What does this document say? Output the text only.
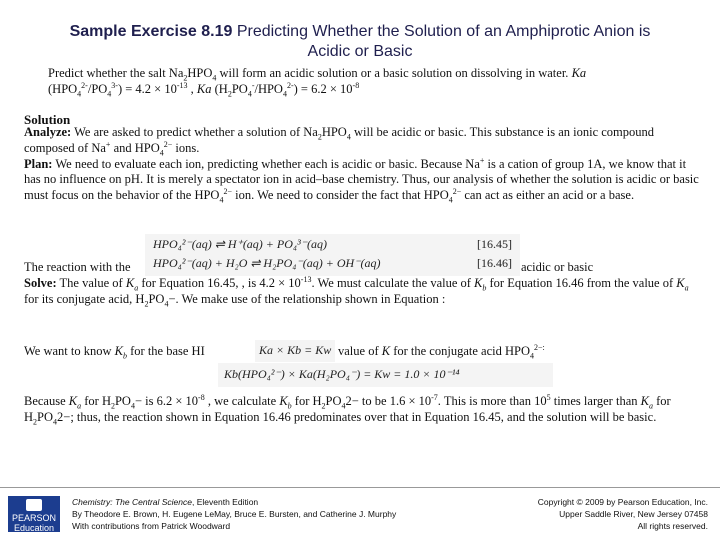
Sample Exercise 8.19 Predicting Whether the Solution of an Amphiprotic Anion is
Acidic or Basic
Predict whether the salt $Na_2HPO_4$ will form an acidic solution or a basic solution on dissolving in water. Ka
$(HPO_4^{2-}/PO_4^{3-}) = 4.2 \times 10^{-13}$ , Ka $(H_2PO_4^-/HPO_4^{2-}) = 6.2 \times 10^{-8}$
Solution
Analyze: We are asked to predict whether a solution of $Na_2HPO_4$ will be acidic or basic. This substance is an ionic compound composed of Na+ and $HPO_4^{2-}$ ions.
Plan: We need to evaluate each ion, predicting whether each is acidic or basic. Because Na+ is a cation of group 1A, we know that it has no influence on pH. It is merely a spectator ion in acid–base chemistry. Thus, our analysis of whether the solution is acidic or basic must focus on the behavior of the $HPO_4^{2-}$ ion. We need to consider the fact that $HPO_4^{2-}$ can act as either an acid or a base.
HPO₄²⁻(aq) ⇌ H⁺(aq) + PO₄³⁻(aq)	[16.45]
HPO₄²⁻(aq) + H₂O ⇌ H₂PO₄⁻(aq) + OH⁻(aq)	[16.46]
The reaction with the	acidic or basic
Solve: The value of $K_a$ for Equation 16.45, , is $4.2 \times 10^{-13}$. We must calculate the value of $K_b$ for Equation 16.46 from the value of $K_a$ for its conjugate acid, $H_2PO_4-$. We make use of the relationship shown in Equation :
Ka × Kb = Kw
Kb(HPO₄²⁻) × Ka(H₂PO₄⁻) = Kw = 1.0 × 10⁻¹⁴
We want to know $K_b$ for the base HI	value of K for the conjugate acid $HPO_4^{2-:}$
Because $K_a$ for $H_2PO_4-$ is $6.2 \times 10^{-8}$ , we calculate $K_b$ for $H_2PO_42-$ to be $1.6 \times 10^{-7}$. This is more than $10^5$ times larger than $K_a$ for $H_2PO_42-$; thus, the reaction shown in Equation 16.46 predominates over that in Equation 16.45, and the solution will be basic.
PEARSON
Education
Chemistry: The Central Science, Eleventh Edition
By Theodore E. Brown, H. Eugene LeMay, Bruce E. Bursten, and Catherine J. Murphy
With contributions from Patrick Woodward
Copyright © 2009 by Pearson Education, Inc.
Upper Saddle River, New Jersey 07458
All rights reserved.
